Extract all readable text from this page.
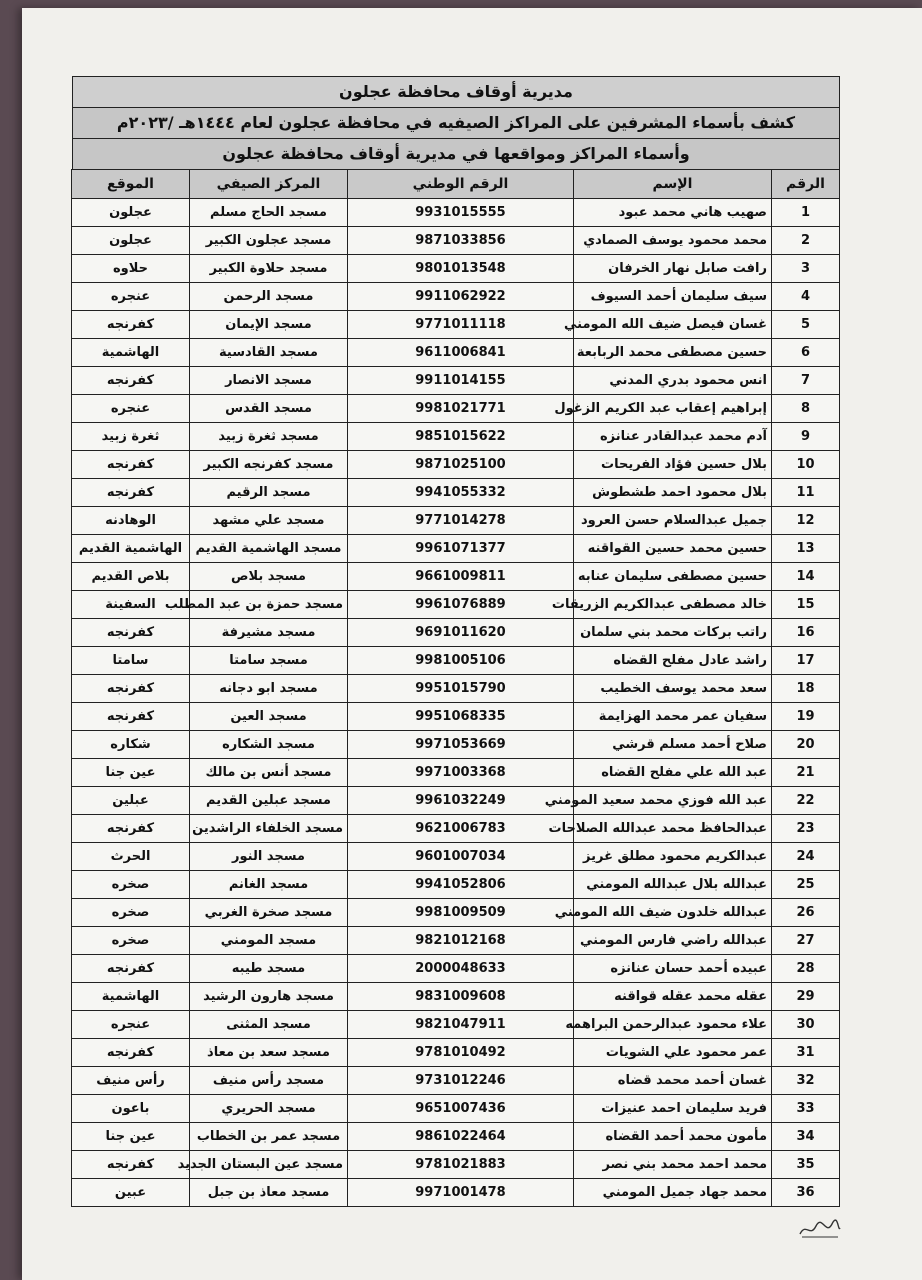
مديرية أوقاف محافظة عجلون
كشف بأسماء المشرفين على المراكز الصيفيه في محافظة عجلون لعام ١٤٤٤هـ /٢٠٢٣م
وأسماء المراكز ومواقعها في مديرية أوقاف محافظة عجلون
الرقم	الإسم	الرقم الوطني	المركز الصيفي	الموقع
1	صهيب هاني محمد عبود	9931015555	مسجد الحاج مسلم	عجلون
2	محمد محمود يوسف الصمادي	9871033856	مسجد عجلون الكبير	عجلون
3	رافت صابل نهار الخرفان	9801013548	مسجد حلاوة الكبير	حلاوه
4	سيف سليمان أحمد السيوف	9911062922	مسجد الرحمن	عنجره
5	غسان فيصل ضيف الله المومني	9771011118	مسجد الإيمان	كفرنجه
6	حسين مصطفى محمد الربابعة	9611006841	مسجد القادسية	الهاشمية
7	انس محمود بدري المدني	9911014155	مسجد الانصار	كفرنجه
8	إبراهيم إعقاب عبد الكريم الزغول	9981021771	مسجد القدس	عنجره
9	آدم محمد عبدالقادر عنانزه	9851015622	مسجد ثغرة زبيد	ثغرة زبيد
10	بلال حسين فؤاد الفريحات	9871025100	مسجد كفرنجه الكبير	كفرنجه
11	بلال محمود احمد طشطوش	9941055332	مسجد الرقيم	كفرنجه
12	جميل عبدالسلام حسن العرود	9771014278	مسجد علي مشهد	الوهادنه
13	حسين محمد حسين القواقنه	9961071377	مسجد الهاشمية القديم	الهاشمية القديم
14	حسين مصطفى سليمان عنابه	9661009811	مسجد بلاص	بلاص القديم
15	خالد مصطفى عبدالكريم الزريقات	9961076889	مسجد حمزة بن عبد المطلب	السفينة
16	راتب بركات محمد بني سلمان	9691011620	مسجد مشيرفة	كفرنجه
17	راشد عادل مفلح القضاه	9981005106	مسجد سامتا	سامتا
18	سعد محمد يوسف الخطيب	9951015790	مسجد ابو دجانه	كفرنجه
19	سفيان عمر محمد الهزايمة	9951068335	مسجد العين	كفرنجه
20	صلاح أحمد مسلم قرشي	9971053669	مسجد الشكاره	شكاره
21	عبد الله علي مفلح القضاه	9971003368	مسجد أنس بن مالك	عين جنا
22	عبد الله فوزي محمد سعيد المومني	9961032249	مسجد عبلين القديم	عبلين
23	عبدالحافظ محمد عبدالله الصلاحات	9621006783	مسجد الخلفاء الراشدين	كفرنجه
24	عبدالكريم محمود مطلق غريز	9601007034	مسجد النور	الحرث
25	عبدالله بلال عبدالله المومني	9941052806	مسجد الغانم	صخره
26	عبدالله خلدون ضيف الله المومني	9981009509	مسجد صخرة الغربي	صخره
27	عبدالله راضي فارس المومني	9821012168	مسجد المومني	صخره
28	عبيده أحمد حسان عنانزه	2000048633	مسجد طيبه	كفرنجه
29	عقله محمد عقله قواقنه	9831009608	مسجد هارون الرشيد	الهاشمية
30	علاء محمود عبدالرحمن البراهمه	9821047911	مسجد المثنى	عنجره
31	عمر محمود علي الشويات	9781010492	مسجد سعد بن معاذ	كفرنجه
32	غسان أحمد محمد قضاه	9731012246	مسجد رأس منيف	رأس منيف
33	فريد سليمان احمد عنيزات	9651007436	مسجد الحريري	باعون
34	مأمون محمد أحمد القضاه	9861022464	مسجد عمر بن الخطاب	عين جنا
35	محمد احمد محمد بني نصر	9781021883	مسجد عين البستان الجديد	كفرنجه
36	محمد جهاد جميل المومني	9971001478	مسجد معاذ بن جبل	عبين
